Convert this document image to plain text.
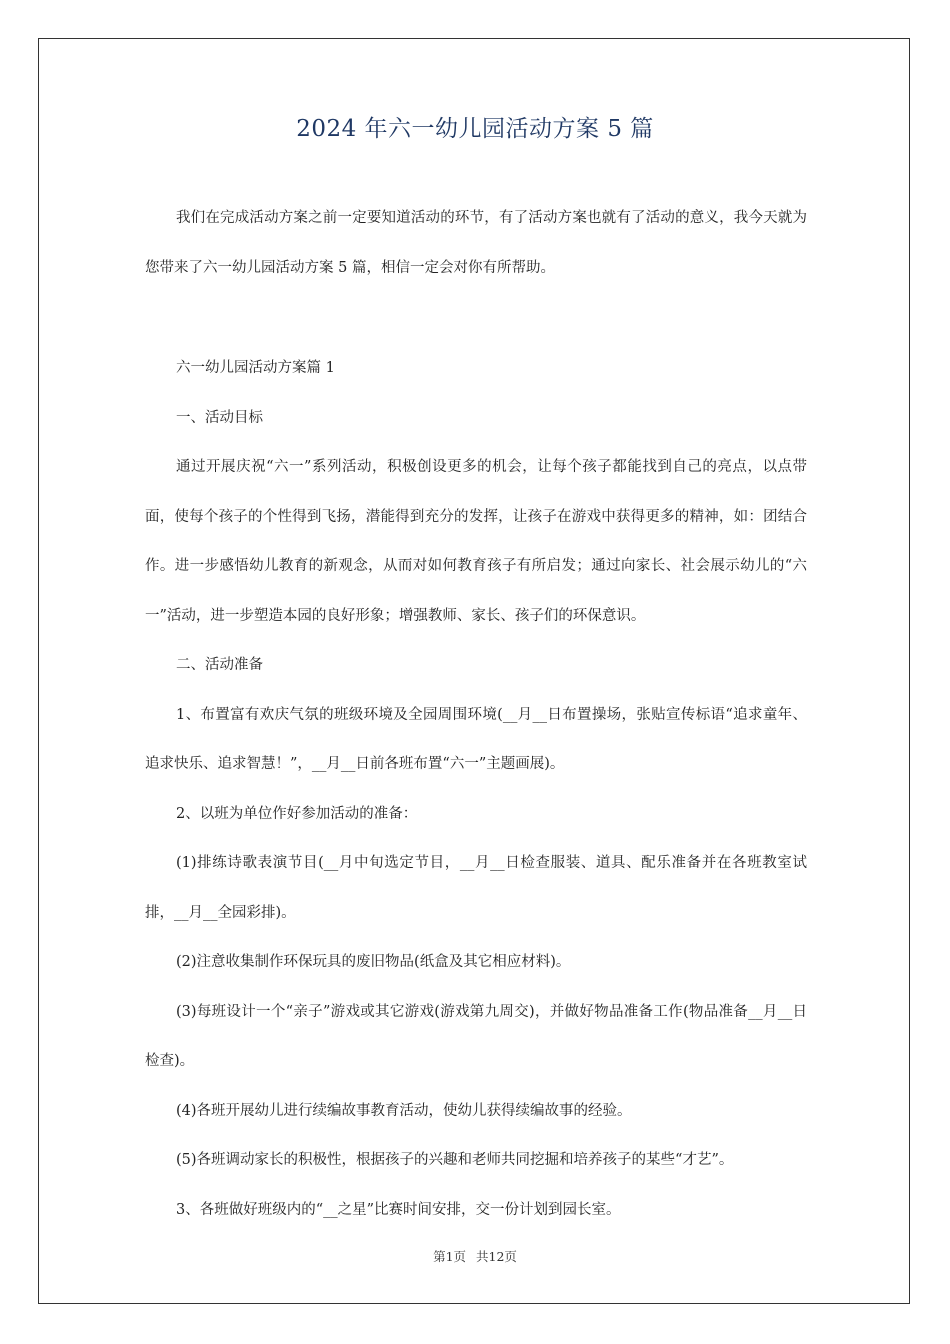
2024 年六一幼儿园活动方案 5 篇

我们在完成活动方案之前一定要知道活动的环节，有了活动方案也就有了活动的意义，我今天就为您带来了六一幼儿园活动方案 5 篇，相信一定会对你有所帮助。

六一幼儿园活动方案篇 1

一、活动目标

通过开展庆祝“六一”系列活动，积极创设更多的机会，让每个孩子都能找到自己的亮点，以点带面，使每个孩子的个性得到飞扬，潜能得到充分的发挥，让孩子在游戏中获得更多的精神，如：团结合作。进一步感悟幼儿教育的新观念，从而对如何教育孩子有所启发；通过向家长、社会展示幼儿的“六一”活动，进一步塑造本园的良好形象；增强教师、家长、孩子们的环保意识。

二、活动准备

1、布置富有欢庆气氛的班级环境及全园周围环境(__月__日布置操场，张贴宣传标语“追求童年、追求快乐、追求智慧！”，__月__日前各班布置“六一”主题画展)。

2、以班为单位作好参加活动的准备：

(1)排练诗歌表演节目(__月中旬选定节目，__月__日检查服装、道具、配乐准备并在各班教室试排，__月__全园彩排)。

(2)注意收集制作环保玩具的废旧物品(纸盒及其它相应材料)。

(3)每班设计一个“亲子”游戏或其它游戏(游戏第九周交)，并做好物品准备工作(物品准备__月__日检查)。

(4)各班开展幼儿进行续编故事教育活动，使幼儿获得续编故事的经验。

(5)各班调动家长的积极性，根据孩子的兴趣和老师共同挖掘和培养孩子的某些“才艺”。

3、各班做好班级内的“__之星”比赛时间安排，交一份计划到园长室。

第1页 共12页
